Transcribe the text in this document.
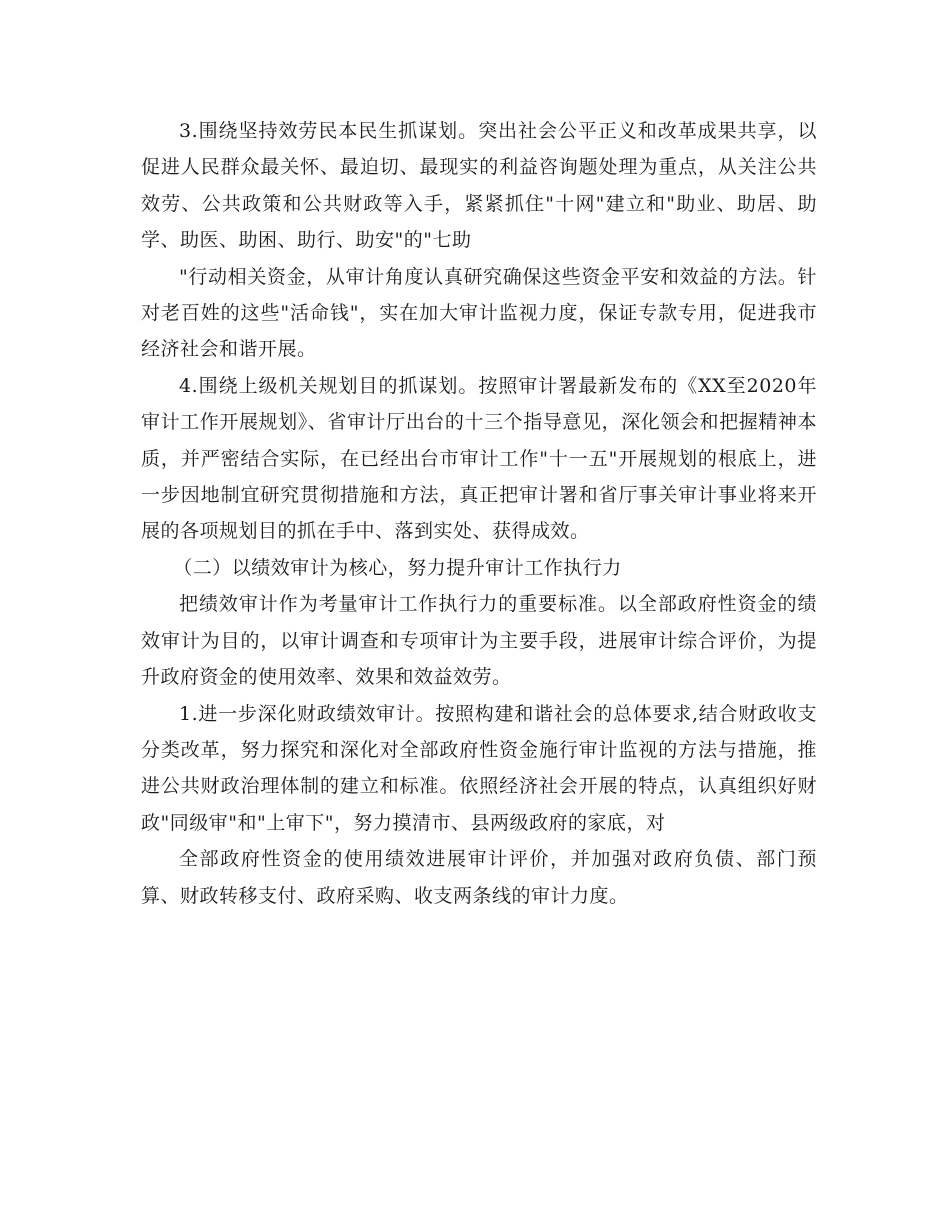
3.围绕坚持效劳民本民生抓谋划。突出社会公平正义和改革成果共享，以促进人民群众最关怀、最迫切、最现实的利益咨询题处理为重点，从关注公共效劳、公共政策和公共财政等入手，紧紧抓住"十网"建立和"助业、助居、助学、助医、助困、助行、助安"的"七助

"行动相关资金，从审计角度认真研究确保这些资金平安和效益的方法。针对老百姓的这些"活命钱"，实在加大审计监视力度，保证专款专用，促进我市经济社会和谐开展。

4.围绕上级机关规划目的抓谋划。按照审计署最新发布的《XX至2020年审计工作开展规划》、省审计厅出台的十三个指导意见，深化领会和把握精神本质，并严密结合实际，在已经出台市审计工作"十一五"开展规划的根底上，进一步因地制宜研究贯彻措施和方法，真正把审计署和省厅事关审计事业将来开展的各项规划目的抓在手中、落到实处、获得成效。

（二）以绩效审计为核心，努力提升审计工作执行力

把绩效审计作为考量审计工作执行力的重要标准。以全部政府性资金的绩效审计为目的，以审计调查和专项审计为主要手段，进展审计综合评价，为提升政府资金的使用效率、效果和效益效劳。

1.进一步深化财政绩效审计。按照构建和谐社会的总体要求,结合财政收支分类改革，努力探究和深化对全部政府性资金施行审计监视的方法与措施，推进公共财政治理体制的建立和标准。依照经济社会开展的特点，认真组织好财政"同级审"和"上审下"，努力摸清市、县两级政府的家底，对

全部政府性资金的使用绩效进展审计评价，并加强对政府负债、部门预算、财政转移支付、政府采购、收支两条线的审计力度。
